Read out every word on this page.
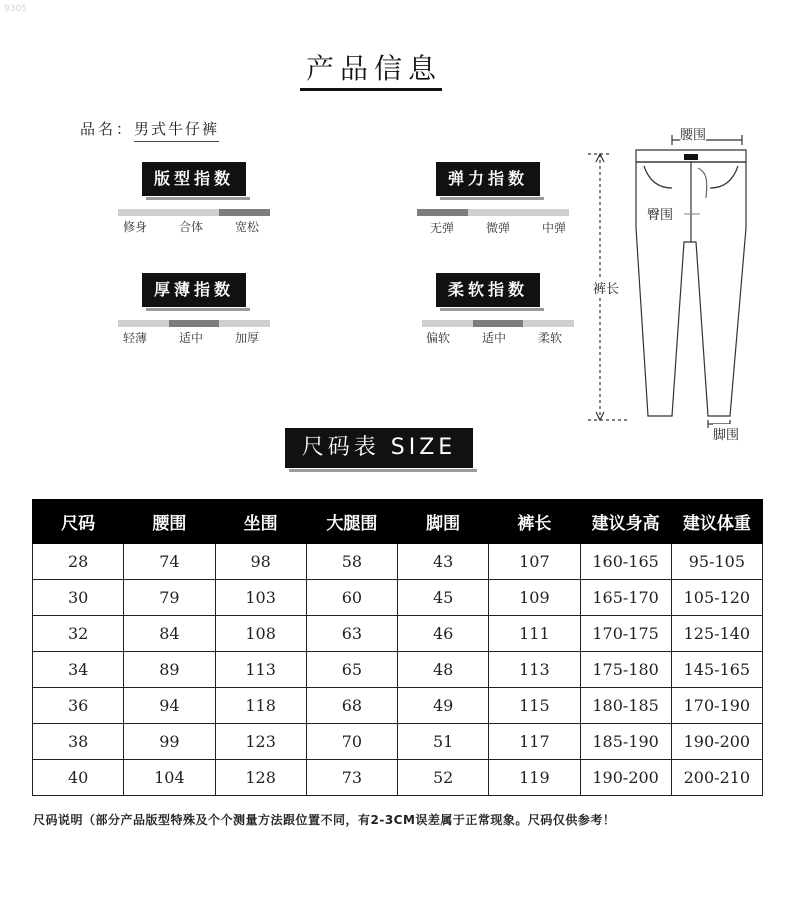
9305
产品信息
品名：男式牛仔裤
版型指数
修身	合体	宽松
弹力指数
无弹	微弹	中弹
厚薄指数
轻薄	适中	加厚
柔软指数
偏软	适中	柔软
腰围
臀围
裤长
脚围
尺码表 SIZE
尺码	腰围	坐围	大腿围	脚围	裤长	建议身高	建议体重
28	74	98	58	43	107	160-165	95-105
30	79	103	60	45	109	165-170	105-120
32	84	108	63	46	111	170-175	125-140
34	89	113	65	48	113	175-180	145-165
36	94	118	68	49	115	180-185	170-190
38	99	123	70	51	117	185-190	190-200
40	104	128	73	52	119	190-200	200-210
尺码说明（部分产品版型特殊及个个测量方法跟位置不同，有2-3CM误差属于正常现象。尺码仅供参考！
